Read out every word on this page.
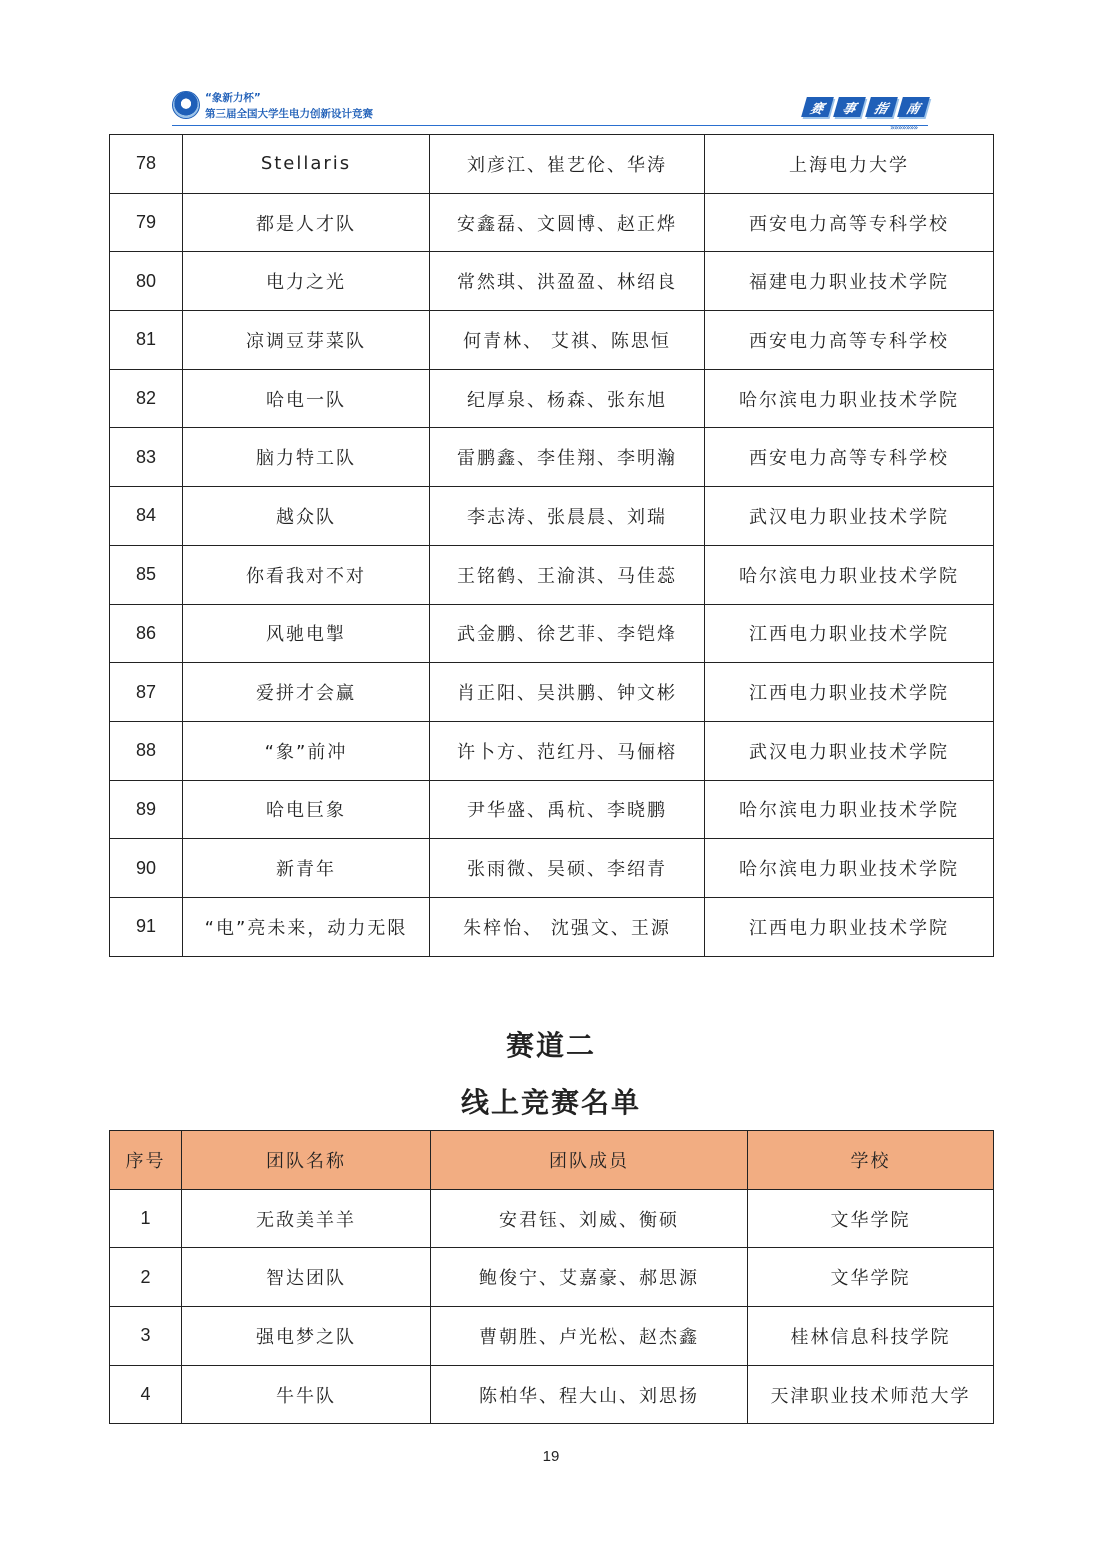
“象新力杯”
第三届全国大学生电力创新设计竞赛	赛	事	指	南
»»»»»»»
78	Stellaris	刘彦江、崔艺伦、华涛	上海电力大学
79	都是人才队	安鑫磊、文圆博、赵正烨	西安电力高等专科学校
80	电力之光	常然琪、洪盈盈、林绍良	福建电力职业技术学院
81	凉调豆芽菜队	何青林、 艾祺、陈思恒	西安电力高等专科学校
82	哈电一队	纪厚泉、杨森、张东旭	哈尔滨电力职业技术学院
83	脑力特工队	雷鹏鑫、李佳翔、李明瀚	西安电力高等专科学校
84	越众队	李志涛、张晨晨、刘瑞	武汉电力职业技术学院
85	你看我对不对	王铭鹤、王渝淇、马佳蕊	哈尔滨电力职业技术学院
86	风驰电掣	武金鹏、徐艺菲、李铠烽	江西电力职业技术学院
87	爱拼才会赢	肖正阳、吴洪鹏、钟文彬	江西电力职业技术学院
88	“象”前冲	许卜方、范红丹、马俪榕	武汉电力职业技术学院
89	哈电巨象	尹华盛、禹杭、李晓鹏	哈尔滨电力职业技术学院
90	新青年	张雨微、吴硕、李绍青	哈尔滨电力职业技术学院
91	“电”亮未来，动力无限	朱梓怡、 沈强文、王源	江西电力职业技术学院
赛道二
线上竞赛名单
序号	团队名称	团队成员	学校
1	无敌美羊羊	安君钰、刘威、衡硕	文华学院
2	智达团队	鲍俊宁、艾嘉豪、郝思源	文华学院
3	强电梦之队	曹朝胜、卢光松、赵杰鑫	桂林信息科技学院
4	牛牛队	陈柏华、程大山、刘思扬	天津职业技术师范大学
19
